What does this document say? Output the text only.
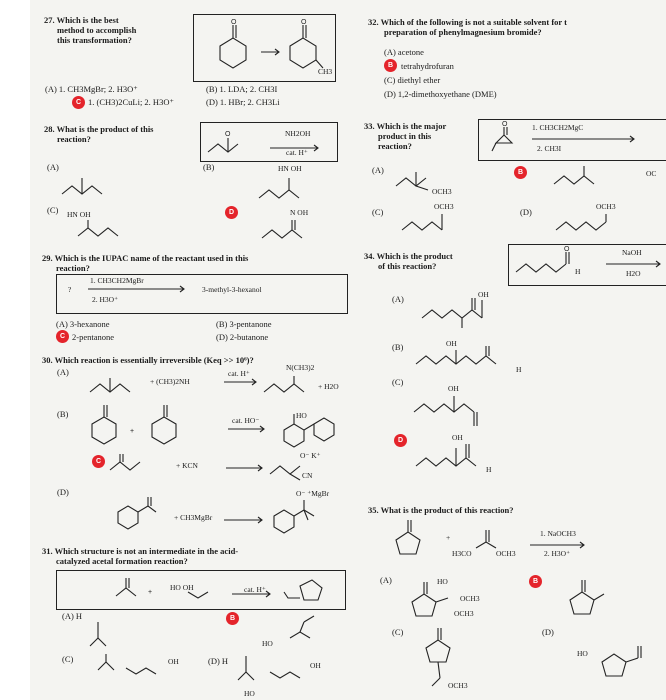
27. Which is the best
method to accomplish
this transformation?
O	O
CH3
(A) 1. CH3MgBr; 2. H3O⁺	(B) 1. LDA; 2. CH3I
C 1. (CH3)2CuLi; 2. H3O⁺	(D) 1. HBr; 2. CH3Li
28. What is the product of this
reaction?	O	NH2OH
cat. H⁺
(A)	(B)	HN OH
(C) HN OH	D	N OH
29. Which is the IUPAC name of the reactant used in this
reaction?
?
1. CH3CH2MgBr
2. H3O⁺
3-methyl-3-hexanol
(A) 3-hexanone	(B) 3-pentanone
C 2-pentanone	(D) 2-butanone
30. Which reaction is essentially irreversible (Keq >> 10⁶)?
(A)
+ (CH3)2NH
cat. H⁺
N(CH3)2
+ H2O
(B)
+
cat. HO⁻
HO
C	+ KCN
O⁻ K⁺
CN
(D)
+ CH3MgBr
O⁻ ⁺MgBr
31. Which structure is not an intermediate in the acid-
catalyzed acetal formation reaction?
+
HO OH	cat. H⁺
(A) H	B
HO
(C)	OH	(D) H	OH
HO
32. Which of the following is not a suitable solvent for t
preparation of phenylmagnesium bromide?
(A) acetone
B tetrahydrofuran
(C) diethyl ether
(D) 1,2-dimethoxyethane (DME)
33. Which is the major
product in this
reaction?
O	1. CH3CH2MgC
2. CH3I
(A)
OCH3
B	OC
(C)
OCH3
(D)
OCH3
34. Which is the product
of this reaction?
O
H
NaOH
H2O
(A)	OH
(B)	OH
H
(C)
OH
D	OH
H
35. What is the product of this reaction?
+
H3CO	OCH3
1. NaOCH3
2. H3O⁺
(A)	HO
OCH3
OCH3
B
(C)
OCH3
(D)
HO
